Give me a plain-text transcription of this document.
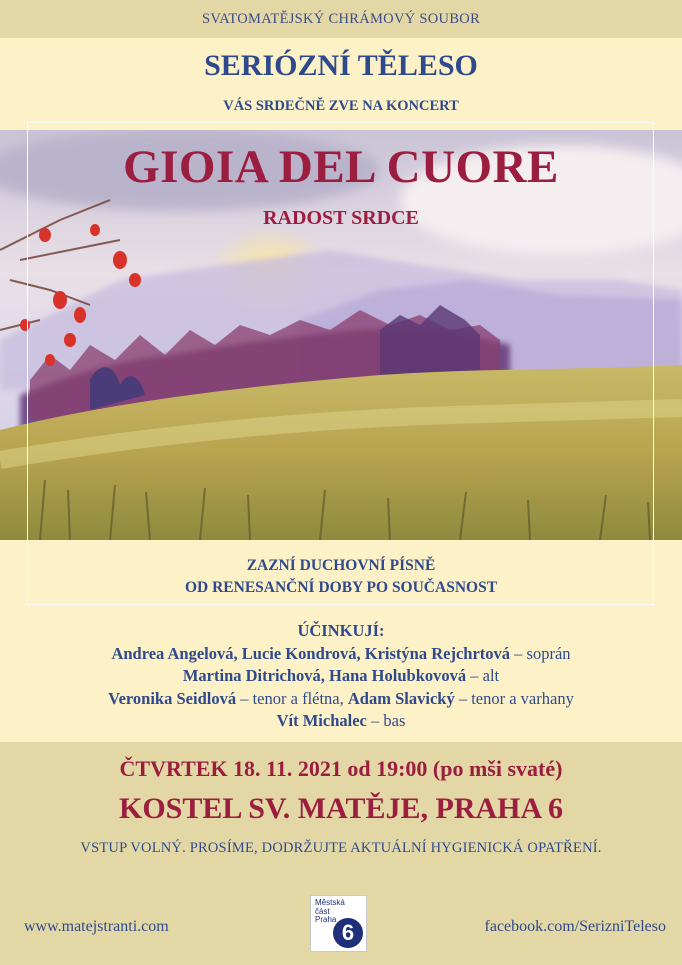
SVATOMATĚJSKÝ CHRÁMOVÝ SOUBOR
SERIÓZNÍ TĚLESO
VÁS SRDEČNĚ ZVE NA KONCERT
GIOIA DEL CUORE
RADOST SRDCE
ZAZNÍ DUCHOVNÍ PÍSNĚ
OD RENESANČNÍ DOBY PO SOUČASNOST
ÚČINKUJÍ:
Andrea Angelová, Lucie Kondrová, Kristýna Rejchrtová – soprán
Martina Ditrichová, Hana Holubkovová – alt
Veronika Seidlová – tenor a flétna, Adam Slavický – tenor a varhany
Vít Michalec – bas
ČTVRTEK 18. 11. 2021 od 19:00 (po mši svaté)
KOSTEL SV. MATĚJE, PRAHA 6
VSTUP VOLNÝ. PROSÍME, DODRŽUJTE AKTUÁLNÍ HYGIENICKÁ OPATŘENÍ.
www.matejstranti.com
Městská
část
Praha
6	facebook.com/SerizniTeleso
